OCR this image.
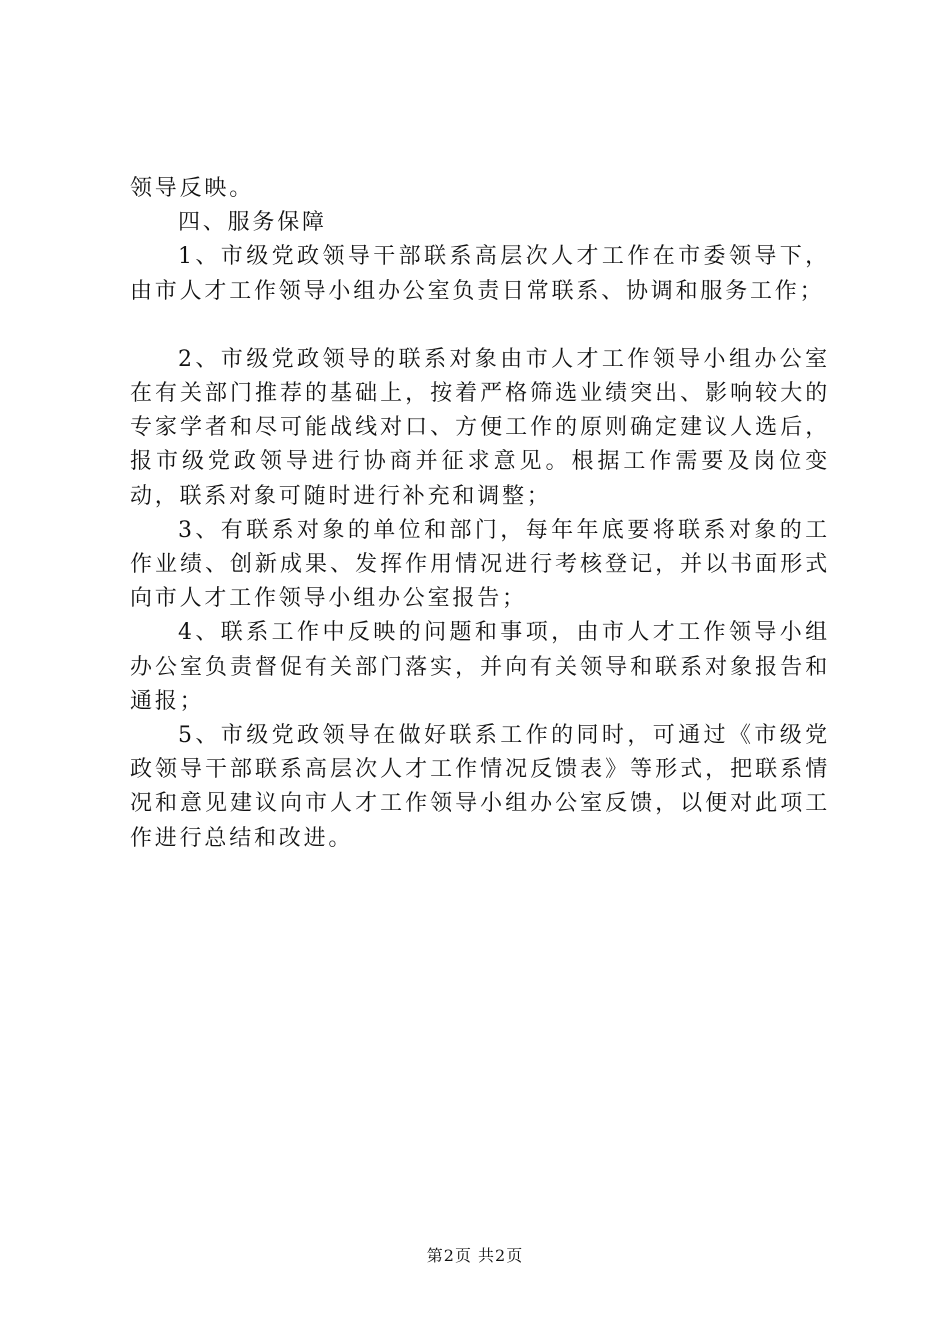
领导反映。

四、服务保障

1、市级党政领导干部联系高层次人才工作在市委领导下，由市人才工作领导小组办公室负责日常联系、协调和服务工作；

2、市级党政领导的联系对象由市人才工作领导小组办公室在有关部门推荐的基础上，按着严格筛选业绩突出、影响较大的专家学者和尽可能战线对口、方便工作的原则确定建议人选后，报市级党政领导进行协商并征求意见。根据工作需要及岗位变动，联系对象可随时进行补充和调整；

3、有联系对象的单位和部门，每年年底要将联系对象的工作业绩、创新成果、发挥作用情况进行考核登记，并以书面形式向市人才工作领导小组办公室报告；

4、联系工作中反映的问题和事项，由市人才工作领导小组办公室负责督促有关部门落实，并向有关领导和联系对象报告和通报；

5、市级党政领导在做好联系工作的同时，可通过《市级党政领导干部联系高层次人才工作情况反馈表》等形式，把联系情况和意见建议向市人才工作领导小组办公室反馈，以便对此项工作进行总结和改进。

第2页 共2页
